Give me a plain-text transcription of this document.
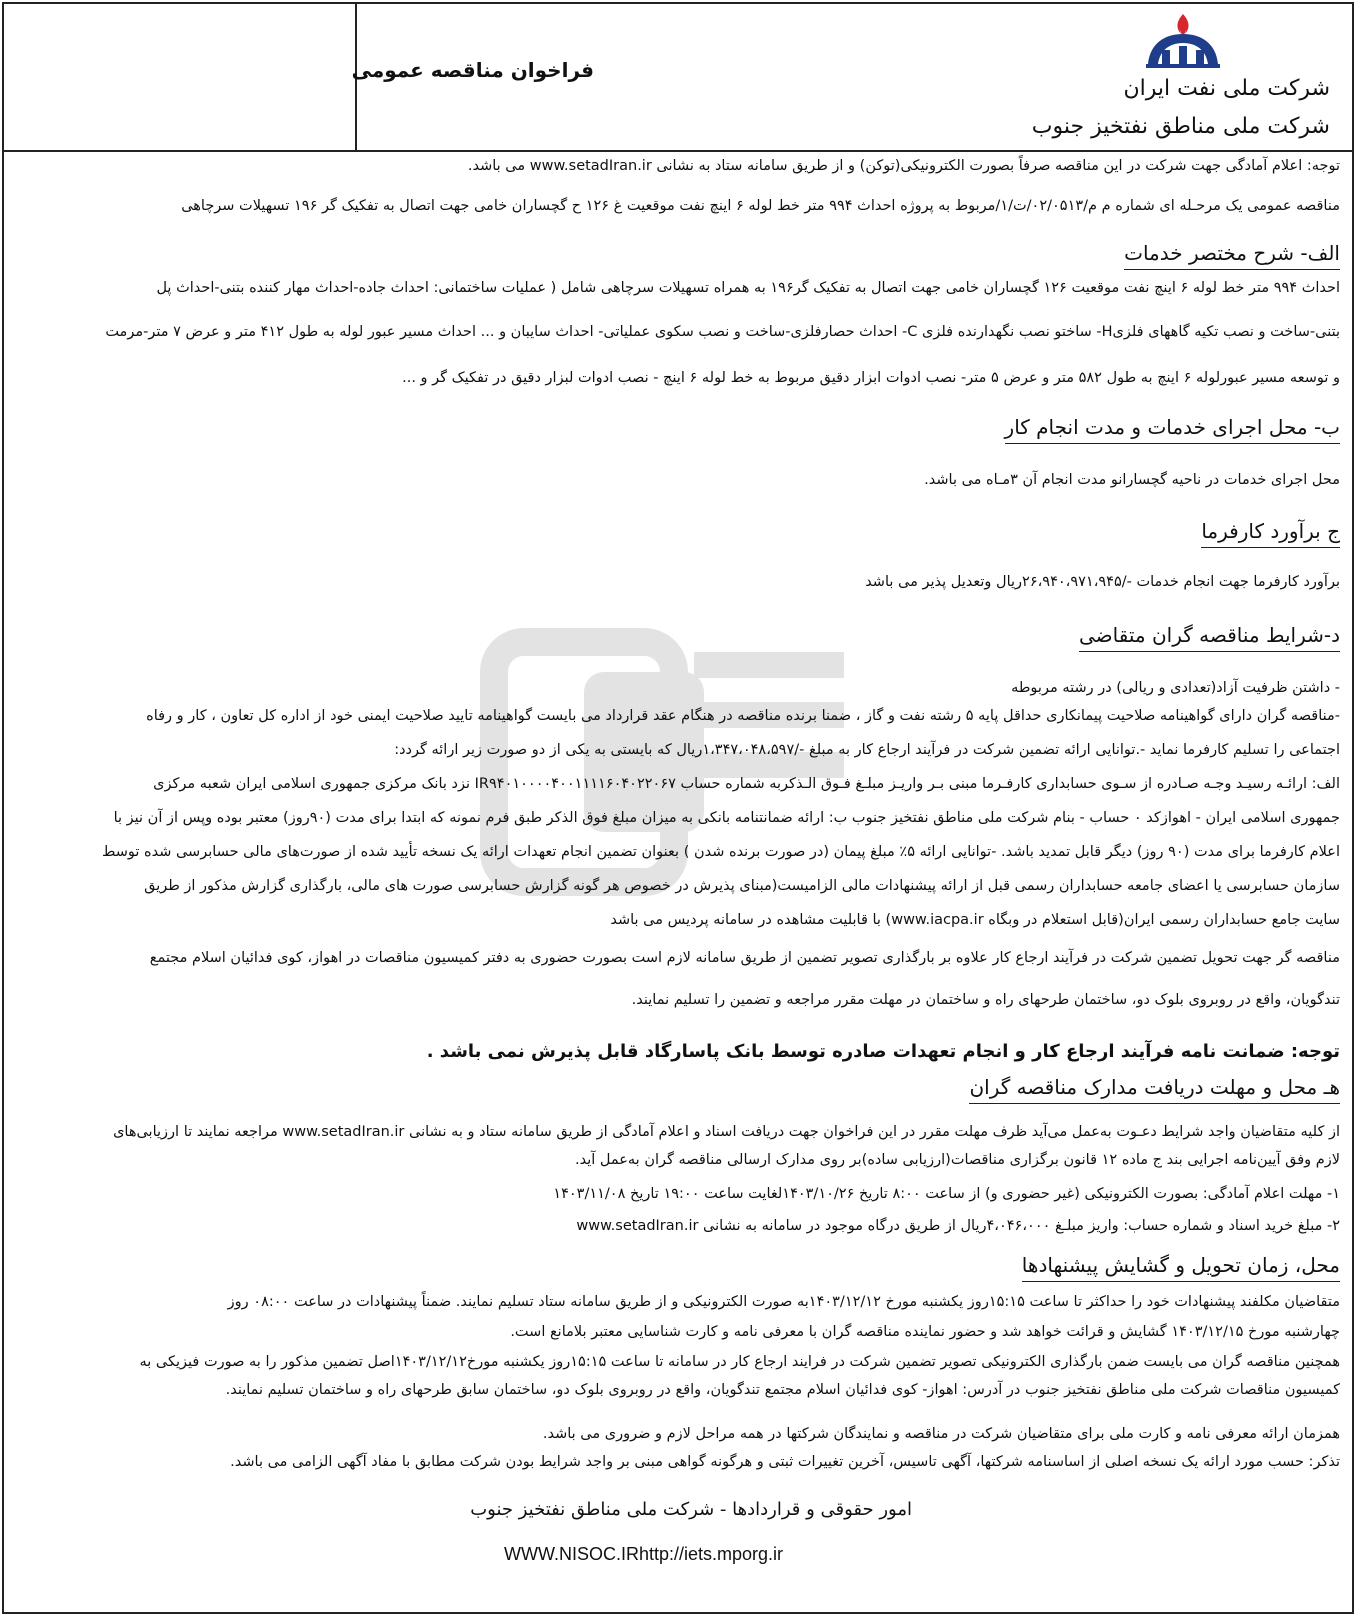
شرکت ملی نفت ایران
شرکت ملی مناطق نفتخیز جنوب
فراخوان مناقصه عمومی
توجه: اعلام آمادگی جهت شرکت در این مناقصه صرفاً بصورت الکترونیکی(توکن) و از طریق سامانه ستاد به نشانی www.setadIran.ir می باشد.
مناقصه عمومی یک مرحـله ای شماره م م/۰۲/۰۵۱۳/ت/۱/مربوط به پروژه احداث ۹۹۴ متر خط لوله ۶ اینچ نفت موقعیت غ ۱۲۶ ح گچساران خامی جهت اتصال به تفکیک گر ۱۹۶ تسهیلات سرچاهی
الف- شرح مختصر خدمات
احداث ۹۹۴ متر خط لوله ۶ اینچ نفت موقعیت ۱۲۶ گچساران خامی جهت اتصال به تفکیک گر۱۹۶ به همراه تسهیلات سرچاهی شامل ( عملیات ساختمانی: احداث جاده-احداث مهار کننده بتنی-احداث پل
بتنی-ساخت و نصب تکیه گاههای فلزیH- ساختو نصب نگهدارنده فلزی C- احداث حصارفلزی-ساخت و نصب سکوی عملیاتی- احداث سایبان و ... احداث مسیر عبور لوله به طول ۴۱۲ متر و عرض ۷ متر-مرمت
و توسعه مسیر عبورلوله ۶ اینچ به طول ۵۸۲ متر و عرض ۵ متر- نصب ادوات ابزار دقیق مربوط به خط لوله ۶ اینچ - نصب ادوات لبزار دقیق در تفکیک گر و ...
ب- محل اجرای خدمات و مدت انجام کار
محل اجرای خدمات در ناحیه گچسارانو مدت انجام آن ۳مـاه می باشد.
ج برآورد کارفرما
برآورد کارفرما جهت انجام خدمات -/۲۶،۹۴۰،۹۷۱،۹۴۵ریال وتعدیل پذیر می باشد
د-شرایط مناقصه گران متقاضی
- داشتن ظرفیت آزاد(تعدادی و ریالی) در رشته مربوطه
-مناقصه گران دارای گواهینامه صلاحیت پیمانکاری حداقل پایه ۵ رشته نفت و گاز ، ضمنا برنده مناقصه در هنگام عقد قرارداد می بایست گواهینامه تایید صلاحیت ایمنی خود از اداره کل تعاون ، کار و رفاه
اجتماعی را تسلیم کارفرما نماید -.توانایی ارائه تضمین شرکت در فرآیند ارجاع کار به مبلغ -/۱،۳۴۷،۰۴۸،۵۹۷ریال که بایستی به یکی از دو صورت زیر ارائه گردد:
الف: ارائـه رسیـد وجـه صـادره از سـوی حسابداری کارفـرما مبنی بـر واریـز مبلـغ فـوق الـذکربه شماره حساب IR۹۴۰۱۰۰۰۰۴۰۰۱۱۱۱۶۰۴۰۲۲۰۶۷ نزد بانک مرکزی جمهوری اسلامی ایران شعبه مرکزی
جمهوری اسلامی ایران - اهوازکد ۰ حساب - بنام شرکت ملی مناطق نفتخیز جنوب ب: ارائه ضمانتنامه بانکی به میزان مبلغ فوق الذکر طبق فرم نمونه که ابتدا برای مدت (۹۰روز) معتبر بوده وپس از آن نیز با
اعلام کارفرما برای مدت (۹۰ روز) دیگر قابل تمدید باشد. -توانایی ارائه ۵٪ مبلغ پیمان (در صورت برنده شدن ) بعنوان تضمین انجام تعهدات ارائه یک نسخه تأیید شده از صورت‌های مالی حسابرسی شده توسط
سازمان حسابرسی یا اعضای جامعه حسابداران رسمی قبل از ارائه پیشنهادات مالی الزامیست(مبنای پذیرش در خصوص هر گونه گزارش حسابرسی صورت های مالی، بارگذاری گزارش مذکور از طریق
سایت جامع حسابداران رسمی ایران(قابل استعلام در وبگاه www.iacpa.ir) با قابلیت مشاهده در سامانه پردیس می باشد
مناقصه گر جهت تحویل تضمین شرکت در فرآیند ارجاع کار علاوه بر بارگذاری تصویر تضمین از طریق سامانه لازم است بصورت حضوری به دفتر کمیسیون مناقصات در اهواز، کوی فدائیان اسلام مجتمع
تندگویان، واقع در روبروی بلوک دو، ساختمان طرحهای راه و ساختمان در مهلت مقرر مراجعه و تضمین را تسلیم نمایند.
توجه: ضمانت نامه فرآیند ارجاع کار و انجام تعهدات صادره توسط بانک پاسارگاد قابل پذیرش نمی باشد .
هـ محل و مهلت دریافت مدارک مناقصه گران
از کلیه متقاضیان واجد شرایط دعـوت به‌عمل می‌آید ظرف مهلت مقرر در این فراخوان جهت دریافت اسناد و اعلام آمادگی از طریق سامانه ستاد و به نشانی www.setadIran.ir مراجعه نمایند تا ارزیابی‌های
لازم وفق آیین‌نامه اجرایی بند ج ماده ۱۲ قانون برگزاری مناقصات(ارزیابی ساده)بر روی مدارک ارسالی مناقصه گران به‌عمل آید.
۱- مهلت اعلام آمادگی: بصورت الکترونیکی (غیر حضوری و) از ساعت ۸:۰۰ تاریخ ۱۴۰۳/۱۰/۲۶لغایت ساعت ۱۹:۰۰ تاریخ ۱۴۰۳/۱۱/۰۸
۲- مبلغ خرید اسناد و شماره حساب: واریز مبلـغ ۴،۰۴۶،۰۰۰ریال از طریق درگاه موجود در سامانه به نشانی www.setadIran.ir
محل، زمان تحویل و گشایش پیشنهادها
متقاضیان مکلفند پیشنهادات خود را حداکثر تا ساعت ۱۵:۱۵روز یکشنبه مورخ ۱۴۰۳/۱۲/۱۲به صورت الکترونیکی و از طریق سامانه ستاد تسلیم نمایند. ضمناً پیشنهادات در ساعت ۰۸:۰۰ روز
چهارشنبه مورخ ۱۴۰۳/۱۲/۱۵ گشایش و قرائت خواهد شد و حضور نماینده مناقصه گران با معرفی نامه و کارت شناسایی معتبر بلامانع است.
همچنین مناقصه گران می بایست ضمن بارگذاری الکترونیکی تصویر تضمین شرکت در فرایند ارجاع کار در سامانه تا ساعت ۱۵:۱۵روز یکشنبه مورخ۱۴۰۳/۱۲/۱۲اصل تضمین مذکور را به صورت فیزیکی به
کمیسیون مناقصات شرکت ملی مناطق نفتخیز جنوب در آدرس: اهواز- کوی فدائیان اسلام مجتمع تندگویان، واقع در روبروی بلوک دو، ساختمان سابق طرحهای راه و ساختمان تسلیم نمایند.
همزمان ارائه معرفی نامه و کارت ملی برای متقاضیان شرکت در مناقصه و نمایندگان شرکتها در همه مراحل لازم و ضروری می باشد.
تذکر: حسب مورد ارائه یک نسخه اصلی از اساسنامه شرکتها، آگهی تاسیس، آخرین تغییرات ثبتی و هرگونه گواهی مبنی بر واجد شرایط بودن شرکت مطابق با مفاد آگهی الزامی می باشد.
امور حقوقی و قراردادها - شرکت ملی مناطق نفتخیز جنوب
WWW.NISOC.IRhttp://iets.mporg.ir
